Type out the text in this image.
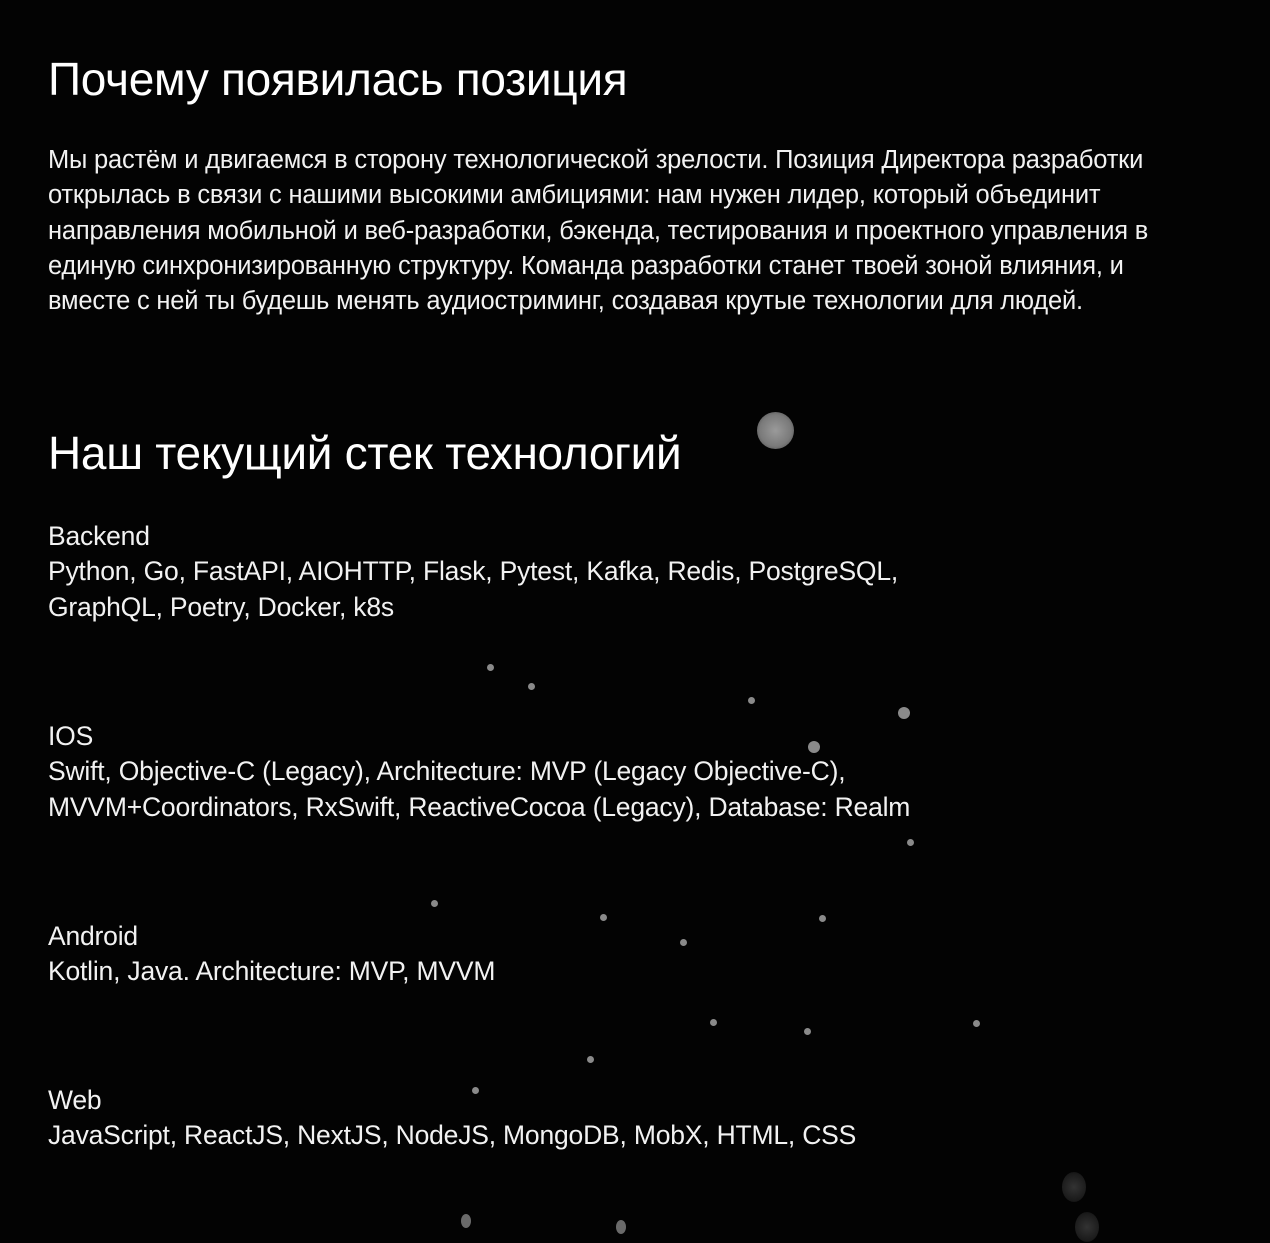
Почему появилась позиция

Мы растём и двигаемся в сторону технологической зрелости. Позиция Директора разработки открылась в связи с нашими высокими амбициями: нам нужен лидер, который объединит направления мобильной и веб-разработки, бэкенда, тестирования и проектного управления в единую синхронизированную структуру. Команда разработки станет твоей зоной влияния, и вместе с ней ты будешь менять аудиостриминг, создавая крутые технологии для людей.

Наш текущий стек технологий
Backend
Python, Go, FastAPI, AIOHTTP, Flask, Pytest, Kafka, Redis, PostgreSQL,
GraphQL, Poetry, Docker, k8s
IOS
Swift, Objective-C (Legacy), Architecture: MVP (Legacy Objective-C),
MVVM+Coordinators, RxSwift, ReactiveCocoa (Legacy), Database: Realm
Android
Kotlin, Java. Architecture: MVP, MVVM
Web
JavaScript, ReactJS, NextJS, NodeJS, MongoDB, MobX, HTML, CSS
